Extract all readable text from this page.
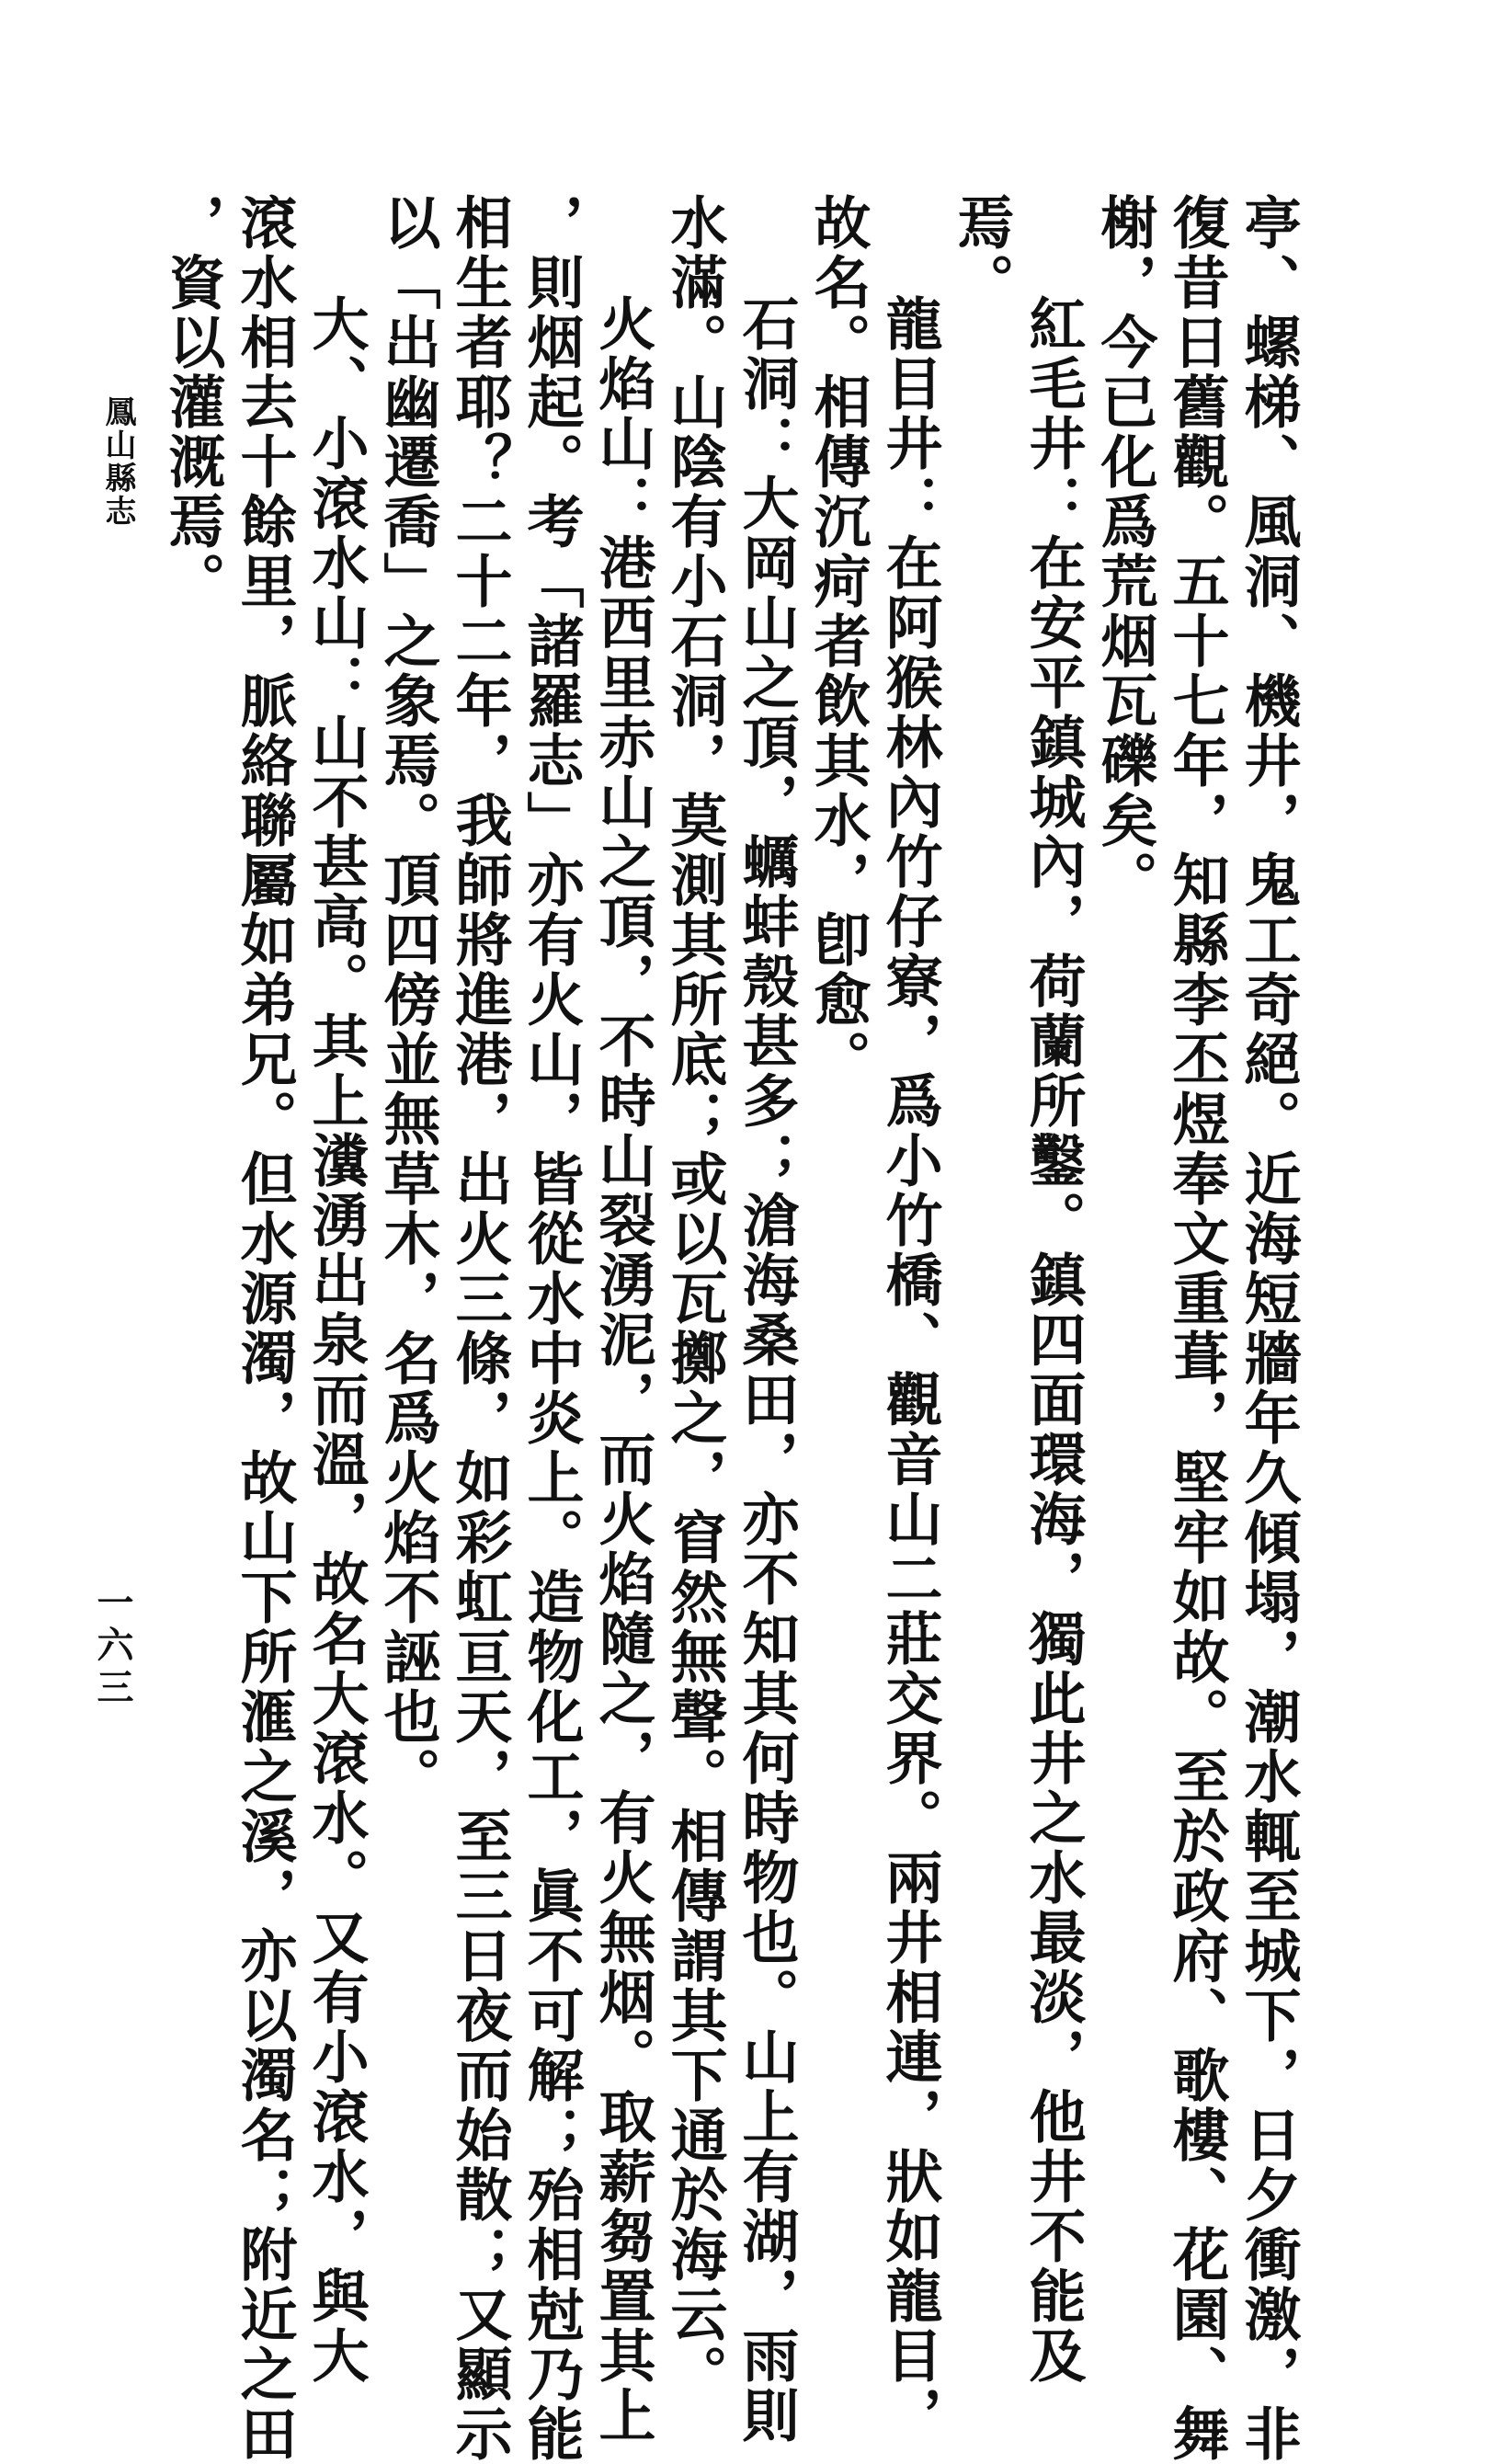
亭、螺梯、風洞、機井，鬼工奇絕。近海短牆年久傾塌，潮水輒至城下，日夕衝激，非
復昔日舊觀。五十七年，知縣李丕煜奉文重葺，堅牢如故。至於政府、歌樓、花園、舞
榭，今已化爲荒烟瓦礫矣。
紅毛井：在安平鎮城內，荷蘭所鑿。鎮四面環海，獨此井之水最淡，他井不能及
焉。
龍目井：在阿猴林內竹仔寮，爲小竹橋、觀音山二莊交界。兩井相連，狀如龍目，
故名。相傳沉疴者飲其水，卽愈。
石洞：大岡山之頂，蠣蚌殼甚多；滄海桑田，亦不知其何時物也。山上有湖，雨則
水滿。山陰有小石洞，莫測其所底；或以瓦擲之，窅然無聲。相傳謂其下通於海云。
火焰山：港西里赤山之頂，不時山裂湧泥，而火焰隨之，有火無烟。取薪芻置其上
，則烟起。考「諸羅志」亦有火山，皆從水中炎上。造物化工，眞不可解；殆相尅乃能
相生者耶？二十二年，我師將進港，出火三條，如彩虹亘天，至三日夜而始散；又顯示
以「出幽遷喬」之象焉。頂四傍並無草木，名爲火焰不誣也。
大、小滾水山：山不甚高。其上瀵湧出泉而溫，故名大滾水。又有小滾水，與大
滾水相去十餘里，脈絡聯屬如弟兄。但水源濁，故山下所滙之溪，亦以濁名；附近之田
，資以灌溉焉。
鳳山縣志
一六三
